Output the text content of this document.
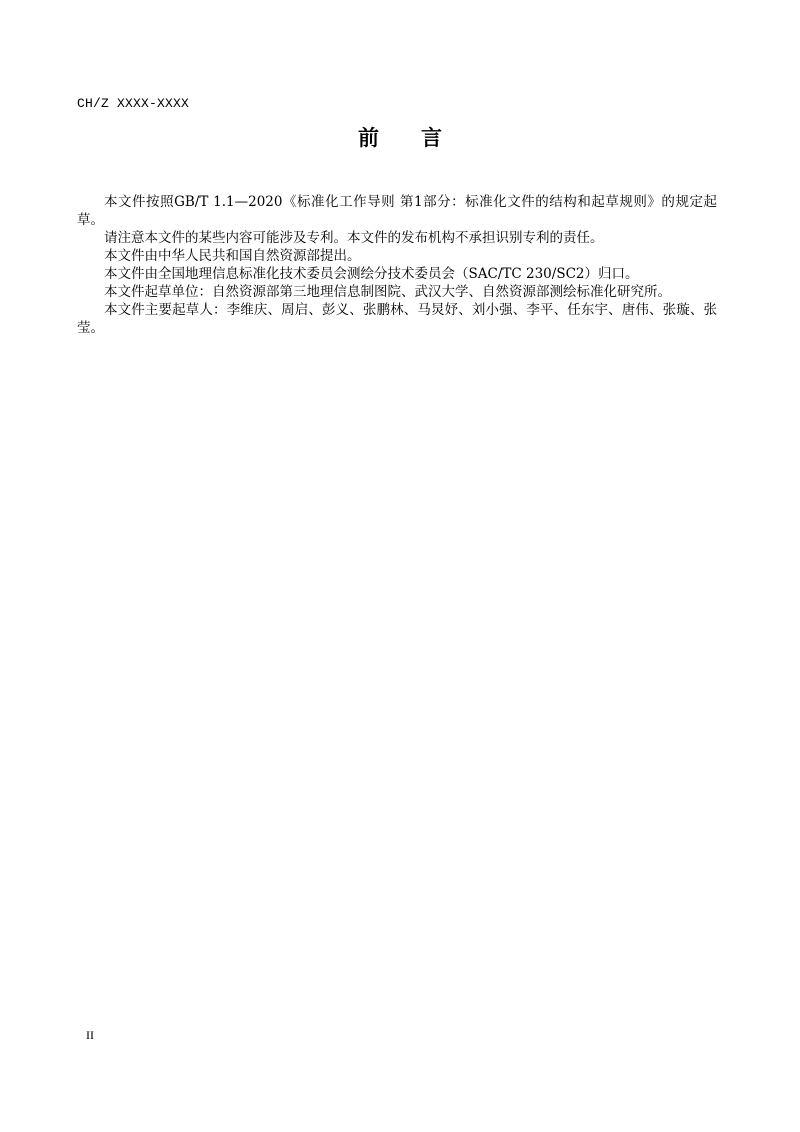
CH/Z XXXX-XXXX
前 言

本文件按照GB/T 1.1—2020《标准化工作导则 第1部分：标准化文件的结构和起草规则》的规定起草。

请注意本文件的某些内容可能涉及专利。本文件的发布机构不承担识别专利的责任。

本文件由中华人民共和国自然资源部提出。

本文件由全国地理信息标准化技术委员会测绘分技术委员会（SAC/TC 230/SC2）归口。

本文件起草单位：自然资源部第三地理信息制图院、武汉大学、自然资源部测绘标准化研究所。

本文件主要起草人：李维庆、周启、彭义、张鹏林、马炅妤、刘小强、李平、任东宇、唐伟、张璇、张莹。

II
